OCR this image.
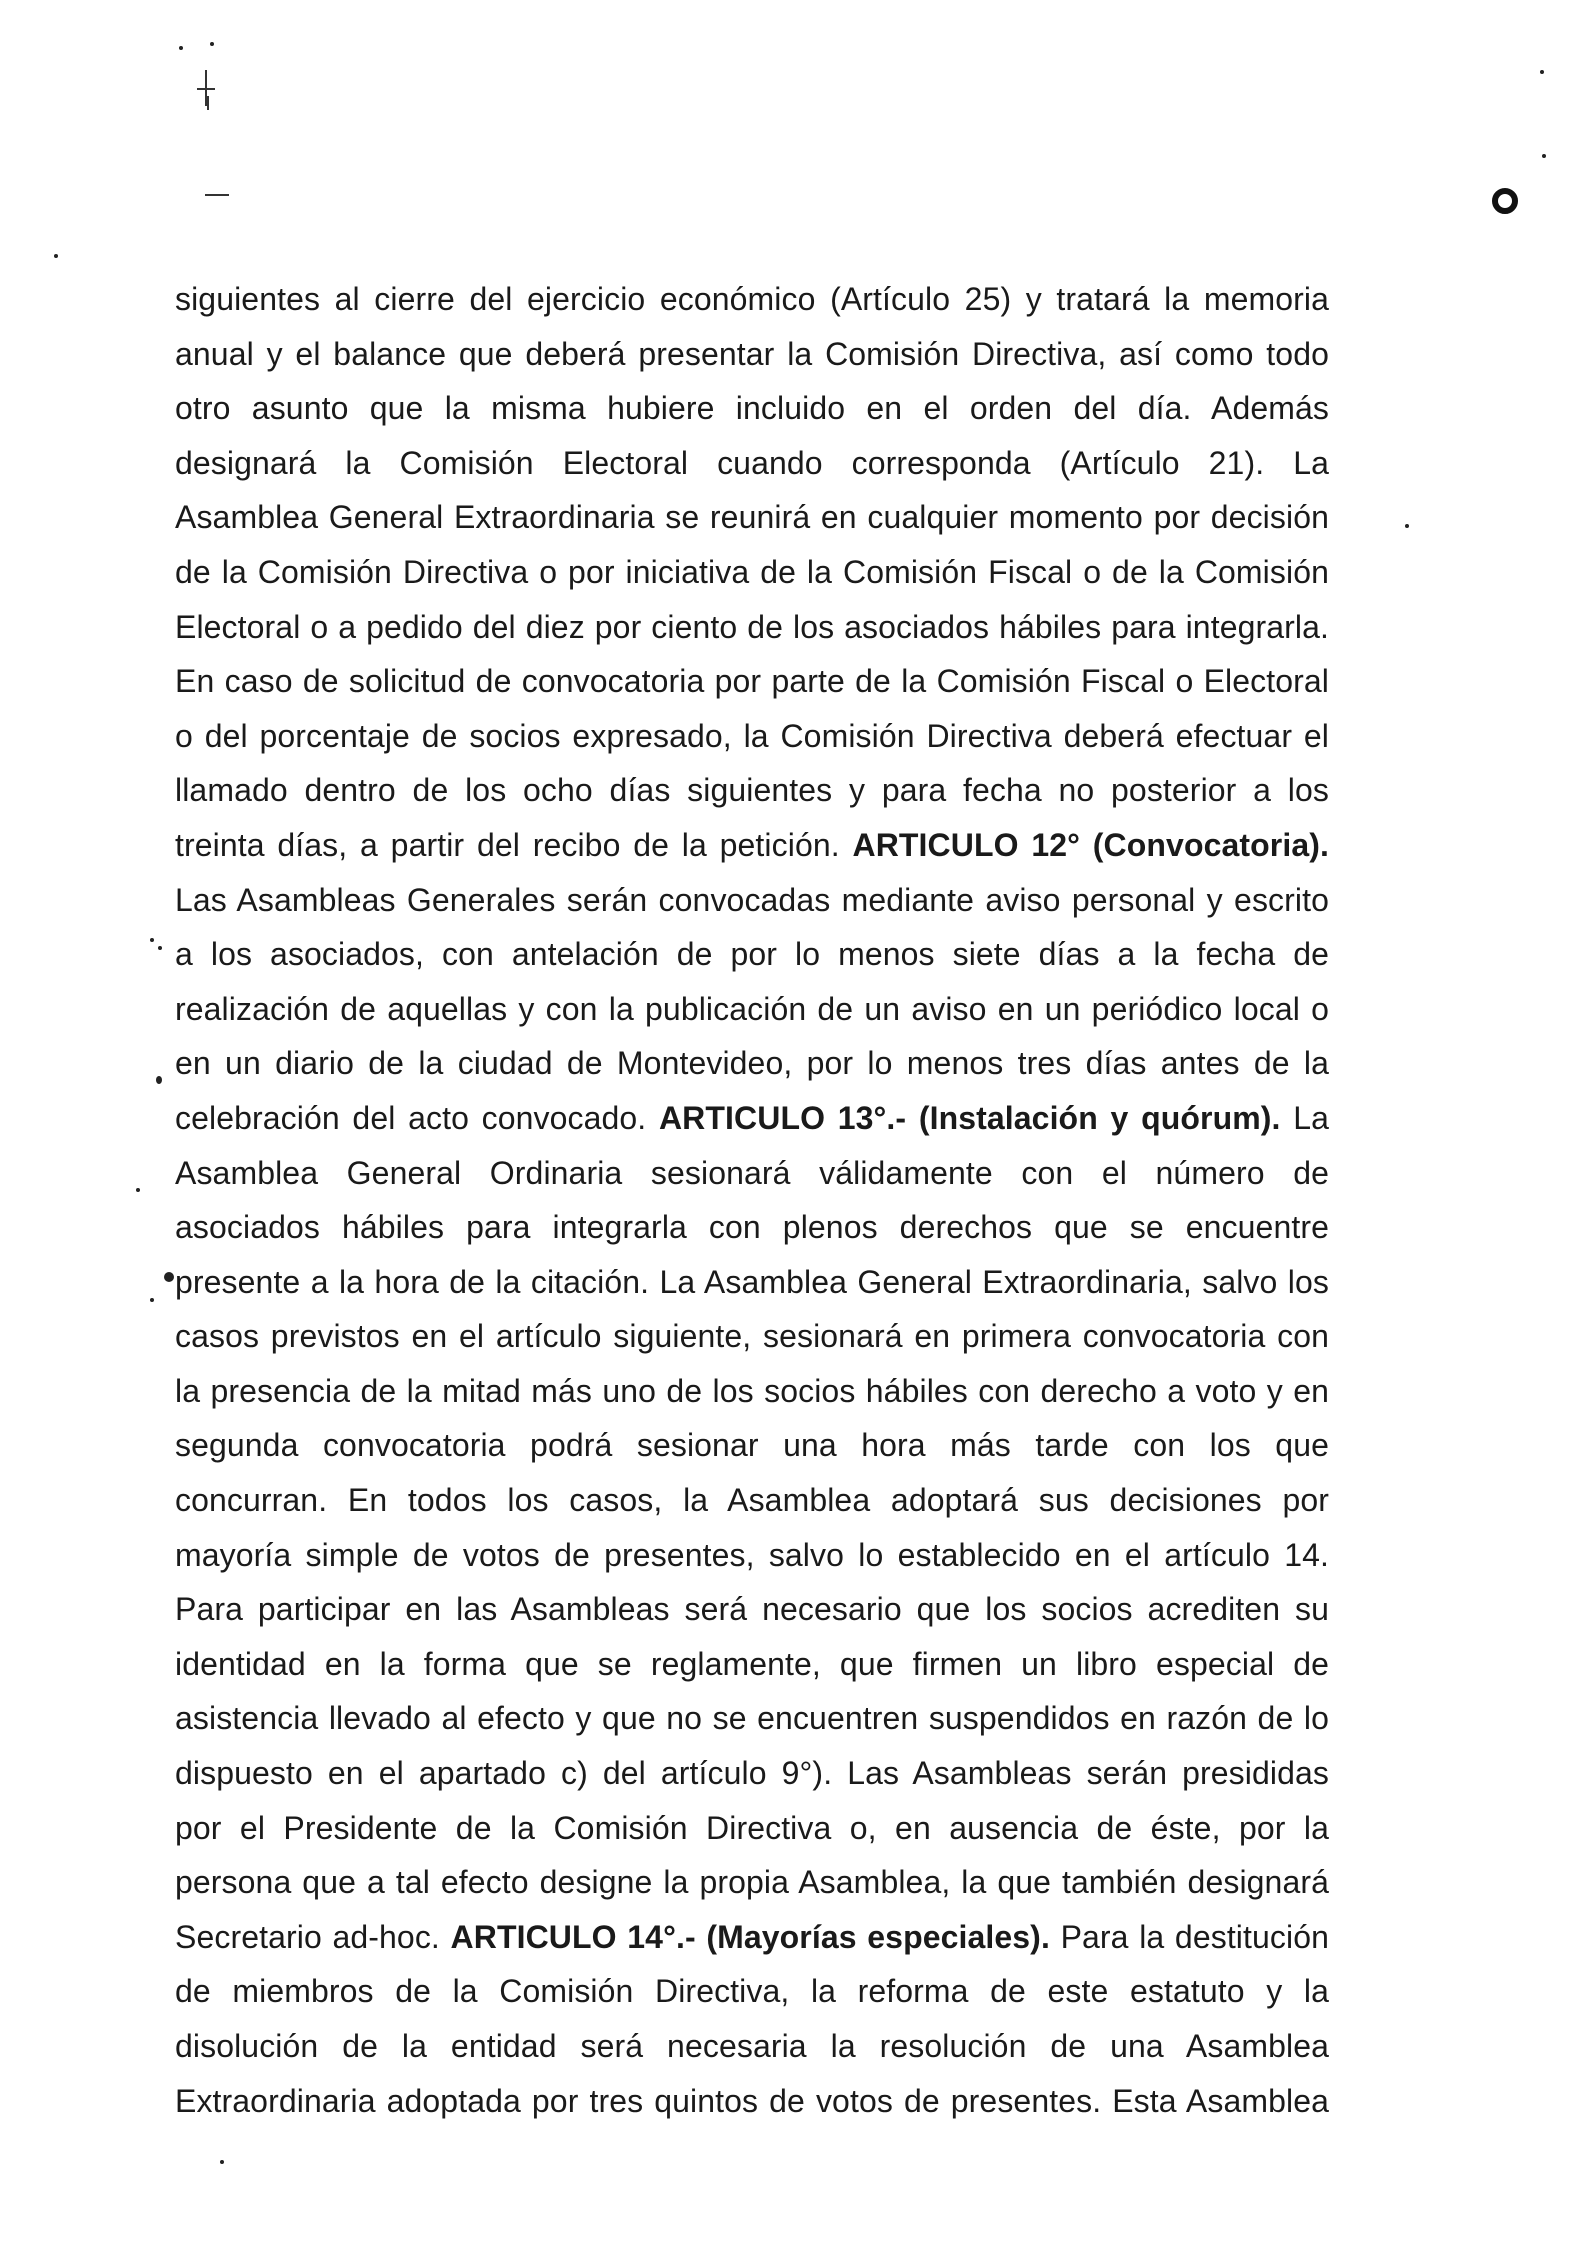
siguientes al cierre del ejercicio económico (Artículo 25) y tratará la memoria
anual y el balance que deberá presentar la Comisión Directiva, así como todo
otro asunto que la misma hubiere incluido en el orden del día. Además
designará la Comisión Electoral cuando corresponda (Artículo 21). La
Asamblea General Extraordinaria se reunirá en cualquier momento por decisión
de la Comisión Directiva o por iniciativa de la Comisión Fiscal o de la Comisión
Electoral o a pedido del diez por ciento de los asociados hábiles para integrarla.
En caso de solicitud de convocatoria por parte de la Comisión Fiscal o Electoral
o del porcentaje de socios expresado, la Comisión Directiva deberá efectuar el
llamado dentro de los ocho días siguientes y para fecha no posterior a los
treinta días, a partir del recibo de la petición. ARTICULO 12° (Convocatoria).
Las Asambleas Generales serán convocadas mediante aviso personal y escrito
a los asociados, con antelación de por lo menos siete días a la fecha de
realización de aquellas y con la publicación de un aviso en un periódico local o
en un diario de la ciudad de Montevideo, por lo menos tres días antes de la
celebración del acto convocado. ARTICULO 13°.- (Instalación y quórum). La
Asamblea General Ordinaria sesionará válidamente con el número de
asociados hábiles para integrarla con plenos derechos que se encuentre
presente a la hora de la citación. La Asamblea General Extraordinaria, salvo los
casos previstos en el artículo siguiente, sesionará en primera convocatoria con
la presencia de la mitad más uno de los socios hábiles con derecho a voto y en
segunda convocatoria podrá sesionar una hora más tarde con los que
concurran. En todos los casos, la Asamblea adoptará sus decisiones por
mayoría simple de votos de presentes, salvo lo establecido en el artículo 14.
Para participar en las Asambleas será necesario que los socios acrediten su
identidad en la forma que se reglamente, que firmen un libro especial de
asistencia llevado al efecto y que no se encuentren suspendidos en razón de lo
dispuesto en el apartado c) del artículo 9°). Las Asambleas serán presididas
por el Presidente de la Comisión Directiva o, en ausencia de éste, por la
persona que a tal efecto designe la propia Asamblea, la que también designará
Secretario ad-hoc. ARTICULO 14°.- (Mayorías especiales). Para la destitución
de miembros de la Comisión Directiva, la reforma de este estatuto y la
disolución de la entidad será necesaria la resolución de una Asamblea
Extraordinaria adoptada por tres quintos de votos de presentes. Esta Asamblea
